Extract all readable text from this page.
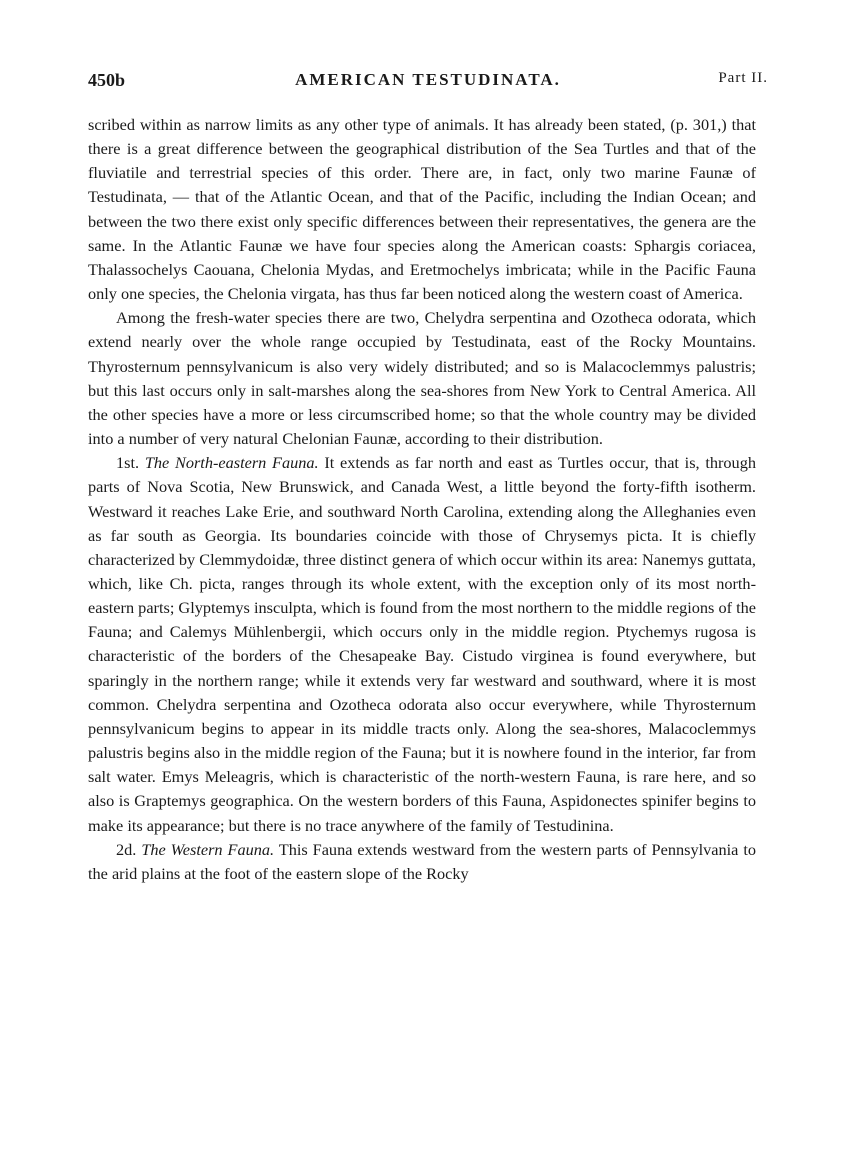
450b	AMERICAN TESTUDINATA.	Part II.

scribed within as narrow limits as any other type of animals. It has already been stated, (p. 301,) that there is a great difference between the geographical distribution of the Sea Turtles and that of the fluviatile and terrestrial species of this order. There are, in fact, only two marine Faunæ of Testudinata, — that of the Atlantic Ocean, and that of the Pacific, including the Indian Ocean; and between the two there exist only specific differences between their representatives, the genera are the same. In the Atlantic Faunæ we have four species along the American coasts: Sphargis coriacea, Thalassochelys Caouana, Chelonia Mydas, and Eretmochelys imbricata; while in the Pacific Fauna only one species, the Chelonia virgata, has thus far been noticed along the western coast of America.

Among the fresh-water species there are two, Chelydra serpentina and Ozotheca odorata, which extend nearly over the whole range occupied by Testudinata, east of the Rocky Mountains. Thyrosternum pennsylvanicum is also very widely distributed; and so is Malacoclemmys palustris; but this last occurs only in salt-marshes along the sea-shores from New York to Central America. All the other species have a more or less circumscribed home; so that the whole country may be divided into a number of very natural Chelonian Faunæ, according to their distribution.

1st. The North-eastern Fauna. It extends as far north and east as Turtles occur, that is, through parts of Nova Scotia, New Brunswick, and Canada West, a little beyond the forty-fifth isotherm. Westward it reaches Lake Erie, and southward North Carolina, extending along the Alleghanies even as far south as Georgia. Its boundaries coincide with those of Chrysemys picta. It is chiefly characterized by Clemmydoidæ, three distinct genera of which occur within its area: Nanemys guttata, which, like Ch. picta, ranges through its whole extent, with the exception only of its most north-eastern parts; Glyptemys insculpta, which is found from the most northern to the middle regions of the Fauna; and Calemys Mühlenbergii, which occurs only in the middle region. Ptychemys rugosa is characteristic of the borders of the Chesapeake Bay. Cistudo virginea is found everywhere, but sparingly in the northern range; while it extends very far westward and southward, where it is most common. Chelydra serpentina and Ozotheca odorata also occur everywhere, while Thyrosternum pennsylvanicum begins to appear in its middle tracts only. Along the sea-shores, Malacoclemmys palustris begins also in the middle region of the Fauna; but it is nowhere found in the interior, far from salt water. Emys Meleagris, which is characteristic of the north-western Fauna, is rare here, and so also is Graptemys geographica. On the western borders of this Fauna, Aspidonectes spinifer begins to make its appearance; but there is no trace anywhere of the family of Testudinina.

2d. The Western Fauna. This Fauna extends westward from the western parts of Pennsylvania to the arid plains at the foot of the eastern slope of the Rocky
